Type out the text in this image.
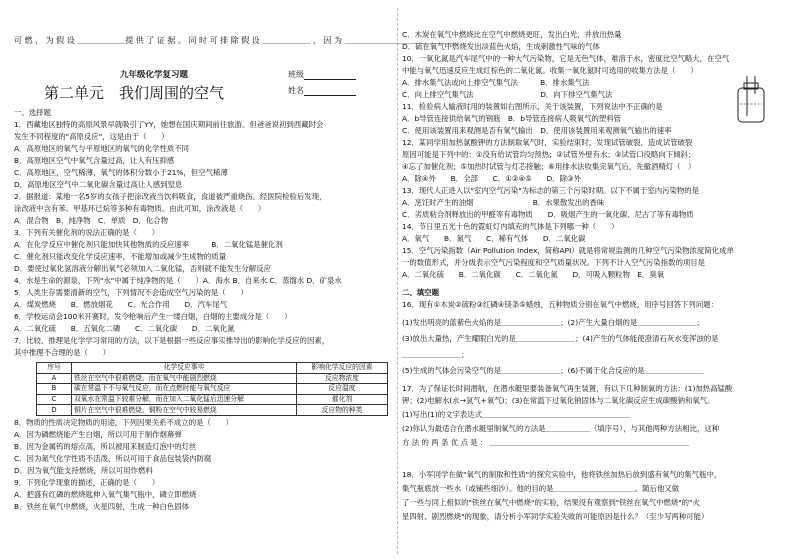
可 燃 ， 为 假 设 ＿＿＿＿＿＿提 供 了 证 据 。 同 时 可 排 除 假 设 ＿＿＿＿＿＿ ， 因 为 ＿＿＿＿＿＿＿＿＿＿＿＿＿＿
九年级化学复习题	班级
第二单元　我们周围的空气	姓名
一、选择题
1．西藏地区独特的高原风景早就吸引了YY，她想在国庆期间前往旅游。但爸爸说初到西藏时会
发生不同程度的"高原反应"，这是由于（　　）
A．高原地区的氧气与平原地区的氧气的化学性质不同
B．高原地区空气中氧气含量过高，让人有压抑感
C．高原地区，空气稀薄，氧气的体积分数小于21%，但空气稀薄
D．高原地区空气中二氧化碳含量过高让人感到窒息
2．据报道：某地一名5岁的女孩子把涂改液当饮料吸食，食道被严重烧伤。经医院检验后发现，
涂改液中含有苯、甲基环已烷等多种有毒物质。由此可知，涂改液是（　　）
A．混合物　B．纯净物　C．单质　D．化合物
3．下列有关催化剂的说法正确的是（　　）
A．在化学反应中催化剂只能加快其他物质的反应速率　　　B．二氧化锰是催化剂
C．催化剂只能改变化学反应速率，不能增加或减少生成物的质量
D．要使过氧化氢溶液分解出氧气必须加入二氧化锰，否则就不能发生分解反应
4．水是生命的源泉，下列"水"中属于纯净物的是（　　）A．海水 B．自来水 C．蒸馏水 D．矿泉水
5．人类生存需要清新的空气，下列情况不会造成空气污染的是（　　）
A．煤炭燃烧　　B．燃放烟花　　C．光合作用　　D．汽车尾气
6．学校运动会100米开赛时，发令枪响后产生一缕白烟，白烟的主要成分是（　　）
A．二氧化硫　　B．五氧化二磷　　C．二氧化碳　　D．二氧化氮
7．比较、推理是化学学习常用的方法，以下是根据一些反应事实推导出的影响化学反应的因素，
其中推理不合理的是（　　）
序号	化学反应事实	影响化学反应的因素
A	铁丝在空气中很难燃烧，而在氧气中能剧烈燃烧	反应物浓度
B	碳在常温下不与氧气反应，而在点燃时能与氧气反应	反应温度
C	双氧水在常温下较难分解，而在加入二氧化锰后迅速分解	催化剂
D	铜片在空气中很难燃烧，铜粉在空气中较易燃烧	反应物的种类
8．物质的性质决定物质的用途，下列因果关系不成立的是（　　）
A．因为磷燃烧能产生白烟，所以可用于制作烟幕弹
B．因为金属钨的熔点高，所以被用来制造灯泡中的灯丝
C．因为氮气化学性质不活泼，所以可用于食品包装袋内防腐
D．因为氧气能支持燃烧，所以可用作燃料
9．下列化学现象的描述，正确的是（　　）
A．把盛有红磷的燃烧匙伸入氧气集气瓶中，磷立即燃烧
B．铁丝在氧气中燃烧，火星四射，生成一种白色固体
C．木炭在氧气中燃烧比在空气中燃烧更旺，发出白光，并放出热量
D．硫在氧气中燃烧发出淡蓝色火焰，生成刺激性气味的气体
10．一氧化氮是汽车尾气中的一种大气污染物，它是无色气体，难溶于水，密度比空气略大，在空气
中能与氧气迅速反应生成红棕色的二氧化氮。收集一氧化氮时可选用的收集方法是（　　）
A．排水集气法或向上排空气集气法　　　B．排水集气法
C．向上排空气集气法　　　　　　　　　D．向下排空气集气法
11．检验病人输液时用的装置如右图所示，关于该装置，下列说法中不正确的是
A．b导管连接供给氧气的钢瓶　B．b导管连接病人吸氧气的塑料管
C．使用该装置用来观测是否有氧气输出　D．使用该装置用来观测氧气输出的速率
12．某同学用加热氯酸钾的方法制取氧气时，实验结束时，发现试管破裂，造成试管破裂
原因可能是下列中的：①没有给试管均匀预热；②试管外壁有水；③试管口没略向下倾斜；
④忘了加催化剂；⑤加热时试管与灯芯接触；⑥用排水法收集完氧气后，先撤酒精灯（　）
A．除④外　　B．全部　　C．①②④⑤　　D．除③外
13．现代人正进入以"室内空气污染"为标志的第三个污染时期。以下不属于室内污染物的是
A．烹饪时产生的油烟　　　　　　　　B．水果散发出的香味
C．劣质粘合剂释放出的甲醛等有毒物质　　D．吸烟产生的一氧化碳、尼古丁等有毒物质
14．节日里五光十色的霓虹灯内填充的气体是下列哪一种（　　）
A．氧气　　B．氮气　　C．稀有气体　　D．二氧化碳
15．空气污染指数（Air Pollution Index，简称API）就是将常规监测的几种空气污染物浓度简化成单
一的数值形式，并分级表示空气污染程度和空气质量状况。下列不计入空气污染指数的项目是
A．二氧化硫　　B．二氧化碳　　C．二氧化氮　　D．可吸入颗粒物　E．臭氧
二、填空题
16．现有①木炭②硫粉③红磷④镁条⑤蜡烛，五种物质分别在氧气中燃烧，用序号回答下列问题：
(1)发出明亮的蓝紫色火焰的是＿＿＿＿＿＿＿＿；(2)产生大量白烟的是＿＿＿＿＿＿＿＿；
(3)放出大量热，产生耀眼白光的是＿＿＿＿＿＿＿＿；(4)产生的气体能使澄清石灰水变浑浊的是
＿＿＿＿＿＿＿＿；
(5)生成的气体会污染空气的是＿＿＿＿＿＿＿＿；(6)不属于化合反应的是＿＿＿＿＿＿＿＿
17．为了保证长时间潜航，在潜水艇里要装备氧气再生装置，有以下几种制氧的方法：(1)加热高锰酸
钾；(2)电解水(水→氢气+氧气)；(3)在常温下过氧化钠固体与二氧化碳反应生成碳酸钠和氧气。
(1)写出(1)的文字表达式＿＿＿＿＿＿＿＿＿＿＿＿＿＿＿＿＿＿＿＿
(2)你认为最适合在潜水艇里制氧气的方法是＿＿＿＿＿＿（填序号），与其他两种方法相比，这种
方 法 的 两 条 优 点 是 ： ＿＿＿＿＿＿＿＿＿＿＿＿＿＿＿＿＿＿＿＿＿＿＿＿＿＿＿
18．小军同学在做"氧气的制取和性质"的探究实验中，他将铁丝加热后放到盛有氧气的集气瓶中，
集气瓶底放一些水（或铺些细沙）。他的目的是＿＿＿＿＿＿＿＿＿＿＿。随后他又做
了一些与同上相似的"铁丝在氧气中燃烧"的实验，结果没有观察到"铁丝在氧气中燃烧"的"火
星四射、剧烈燃烧"的现象，请分析小军同学实验失败的可能原因是什么？（至少写两种可能）
